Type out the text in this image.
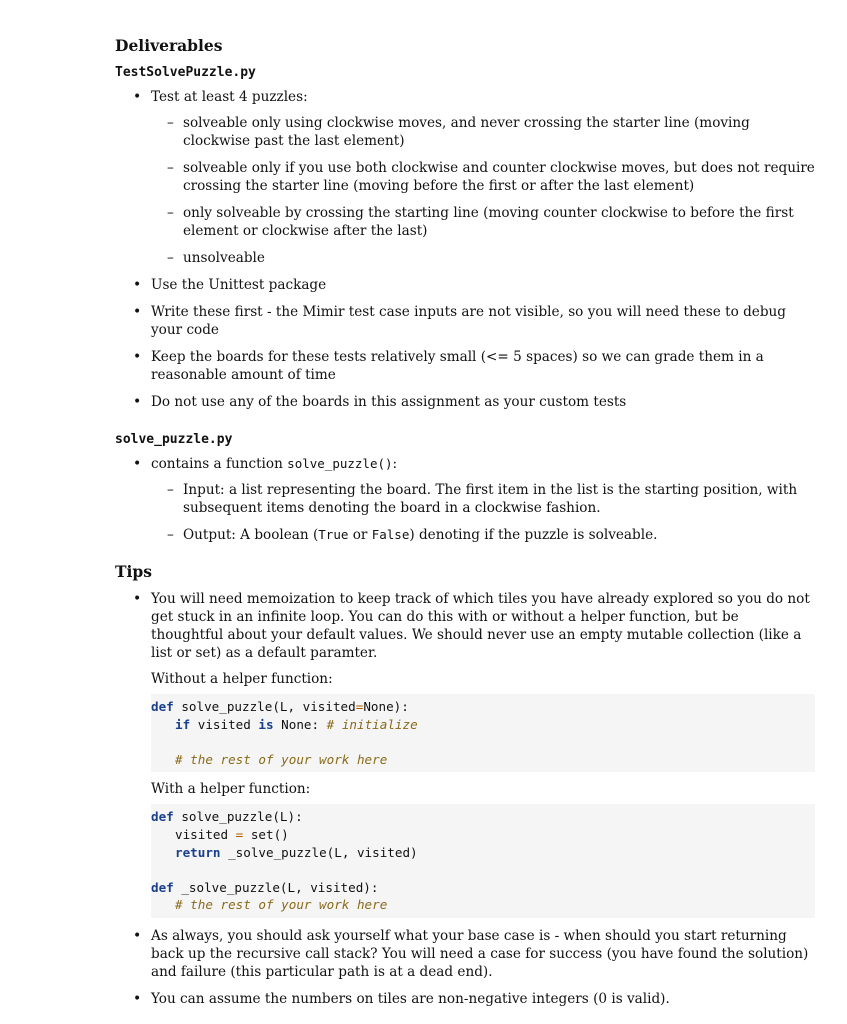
Deliverables
TestSolvePuzzle.py
• Test at least 4 puzzles:
– solveable only using clockwise moves, and never crossing the starter line (moving clockwise past the last element)
– solveable only if you use both clockwise and counter clockwise moves, but does not require crossing the starter line (moving before the first or after the last element)
– only solveable by crossing the starting line (moving counter clockwise to before the first element or clockwise after the last)
– unsolveable
• Use the Unittest package
• Write these first - the Mimir test case inputs are not visible, so you will need these to debug your code
• Keep the boards for these tests relatively small (<= 5 spaces) so we can grade them in a reasonable amount of time
• Do not use any of the boards in this assignment as your custom tests
solve_puzzle.py
• contains a function solve_puzzle():
– Input: a list representing the board. The first item in the list is the starting position, with subsequent items denoting the board in a clockwise fashion.
– Output: A boolean (True or False) denoting if the puzzle is solveable.
Tips
• You will need memoization to keep track of which tiles you have already explored so you do not get stuck in an infinite loop. You can do this with or without a helper function, but be thoughtful about your default values. We should never use an empty mutable collection (like a list or set) as a default paramter.

Without a helper function:

def solve_puzzle(L, visited=None):
if visited is None: # initialize
# the rest of your work here

With a helper function:

def solve_puzzle(L):
visited = set()
return _solve_puzzle(L, visited)
def _solve_puzzle(L, visited):
# the rest of your work here
• As always, you should ask yourself what your base case is - when should you start returning back up the recursive call stack? You will need a case for success (you have found the solution) and failure (this particular path is at a dead end).
• You can assume the numbers on tiles are non-negative integers (0 is valid).
